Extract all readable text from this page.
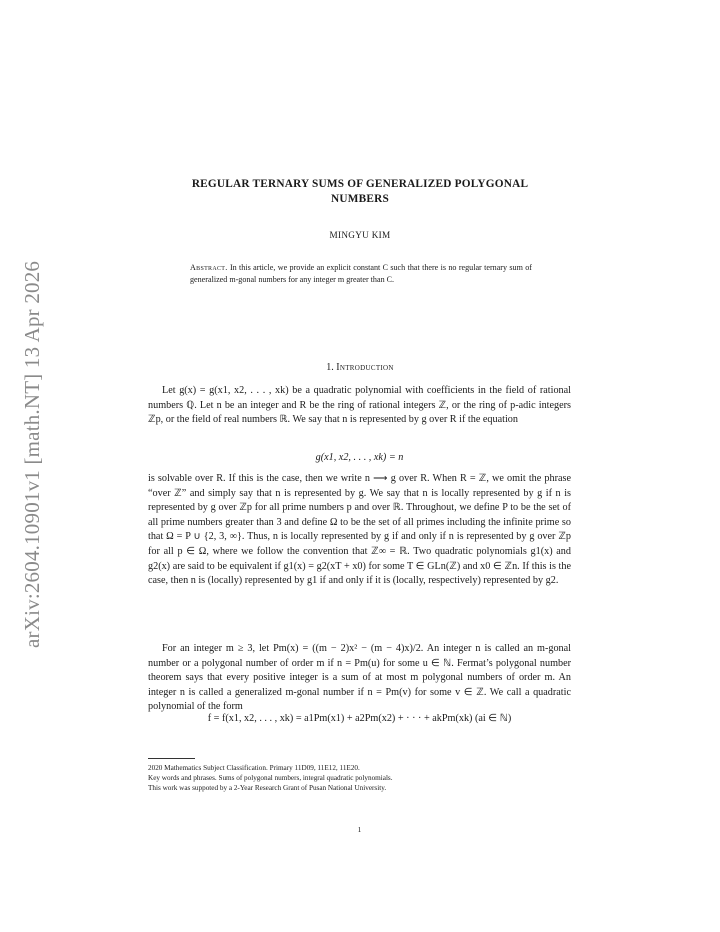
arXiv:2604.10901v1 [math.NT] 13 Apr 2026
REGULAR TERNARY SUMS OF GENERALIZED POLYGONAL
NUMBERS
MINGYU KIM
Abstract. In this article, we provide an explicit constant C such that there is no regular ternary sum of generalized m-gonal numbers for any integer m greater than C.
1. Introduction
Let g(x) = g(x1, x2, . . . , xk) be a quadratic polynomial with coefficients in the field of rational numbers ℚ. Let n be an integer and R be the ring of rational integers ℤ, or the ring of p-adic integers ℤp, or the field of real numbers ℝ. We say that n is represented by g over R if the equation
g(x1, x2, . . . , xk) = n
is solvable over R. If this is the case, then we write n ⟶ g over R. When R = ℤ, we omit the phrase “over ℤ” and simply say that n is represented by g. We say that n is locally represented by g if n is represented by g over ℤp for all prime numbers p and over ℝ. Throughout, we define P to be the set of all prime numbers greater than 3 and define Ω to be the set of all primes including the infinite prime so that Ω = P ∪ {2, 3, ∞}. Thus, n is locally represented by g if and only if n is represented by g over ℤp for all p ∈ Ω, where we follow the convention that ℤ∞ = ℝ. Two quadratic polynomials g1(x) and g2(x) are said to be equivalent if g1(x) = g2(xT + x0) for some T ∈ GLn(ℤ) and x0 ∈ ℤn. If this is the case, then n is (locally) represented by g1 if and only if it is (locally, respectively) represented by g2.
For an integer m ≥ 3, let Pm(x) = ((m − 2)x² − (m − 4)x)/2. An integer n is called an m-gonal number or a polygonal number of order m if n = Pm(u) for some u ∈ ℕ. Fermat’s polygonal number theorem says that every positive integer is a sum of at most m polygonal numbers of order m. An integer n is called a generalized m-gonal number if n = Pm(v) for some v ∈ ℤ. We call a quadratic polynomial of the form
f = f(x1, x2, . . . , xk) = a1Pm(x1) + a2Pm(x2) + · · · + akPm(xk) (ai ∈ ℕ)
2020 Mathematics Subject Classification. Primary 11D09, 11E12, 11E20.
Key words and phrases. Sums of polygonal numbers, integral quadratic polynomials.
This work was suppoted by a 2-Year Research Grant of Pusan National University.
1
